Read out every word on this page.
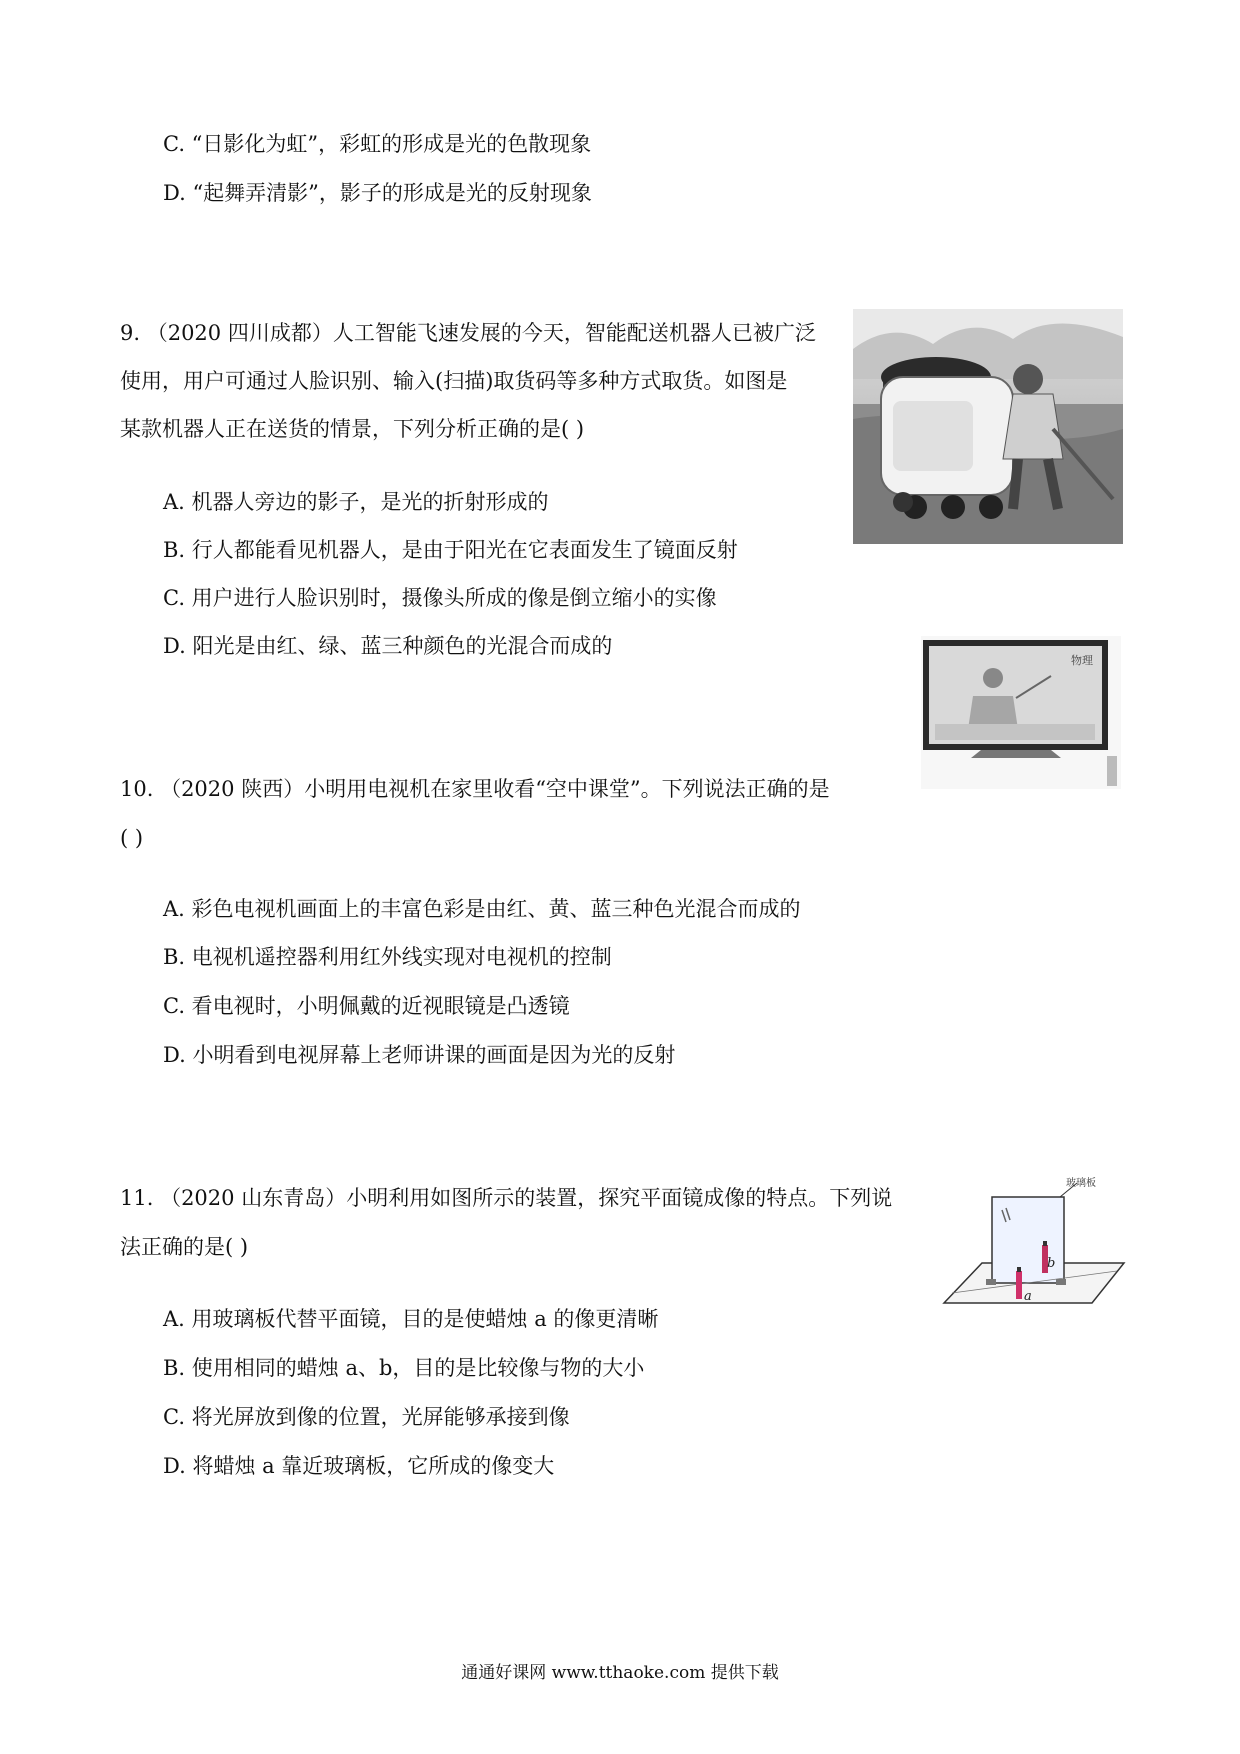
C. “日影化为虹”，彩虹的形成是光的色散现象
D. “起舞弄清影”，影子的形成是光的反射现象
9. （2020 四川成都）人工智能飞速发展的今天，智能配送机器人已被广泛
使用，用户可通过人脸识别、输入(扫描)取货码等多种方式取货。如图是
某款机器人正在送货的情景，下列分析正确的是( )
A. 机器人旁边的影子，是光的折射形成的
B. 行人都能看见机器人，是由于阳光在它表面发生了镜面反射
C. 用户进行人脸识别时，摄像头所成的像是倒立缩小的实像
D. 阳光是由红、绿、蓝三种颜色的光混合而成的
物理
10. （2020 陕西）小明用电视机在家里收看“空中课堂”。下列说法正确的是
( )
A. 彩色电视机画面上的丰富色彩是由红、黄、蓝三种色光混合而成的
B. 电视机遥控器利用红外线实现对电视机的控制
C. 看电视时，小明佩戴的近视眼镜是凸透镜
D. 小明看到电视屏幕上老师讲课的画面是因为光的反射
11. （2020 山东青岛）小明利用如图所示的装置，探究平面镜成像的特点。下列说
法正确的是( )
A. 用玻璃板代替平面镜，目的是使蜡烛 a 的像更清晰
B. 使用相同的蜡烛 a、b，目的是比较像与物的大小
C. 将光屏放到像的位置，光屏能够承接到像
D. 将蜡烛 a 靠近玻璃板，它所成的像变大
玻璃板
b
a
通通好课网 www.tthaoke.com 提供下载
